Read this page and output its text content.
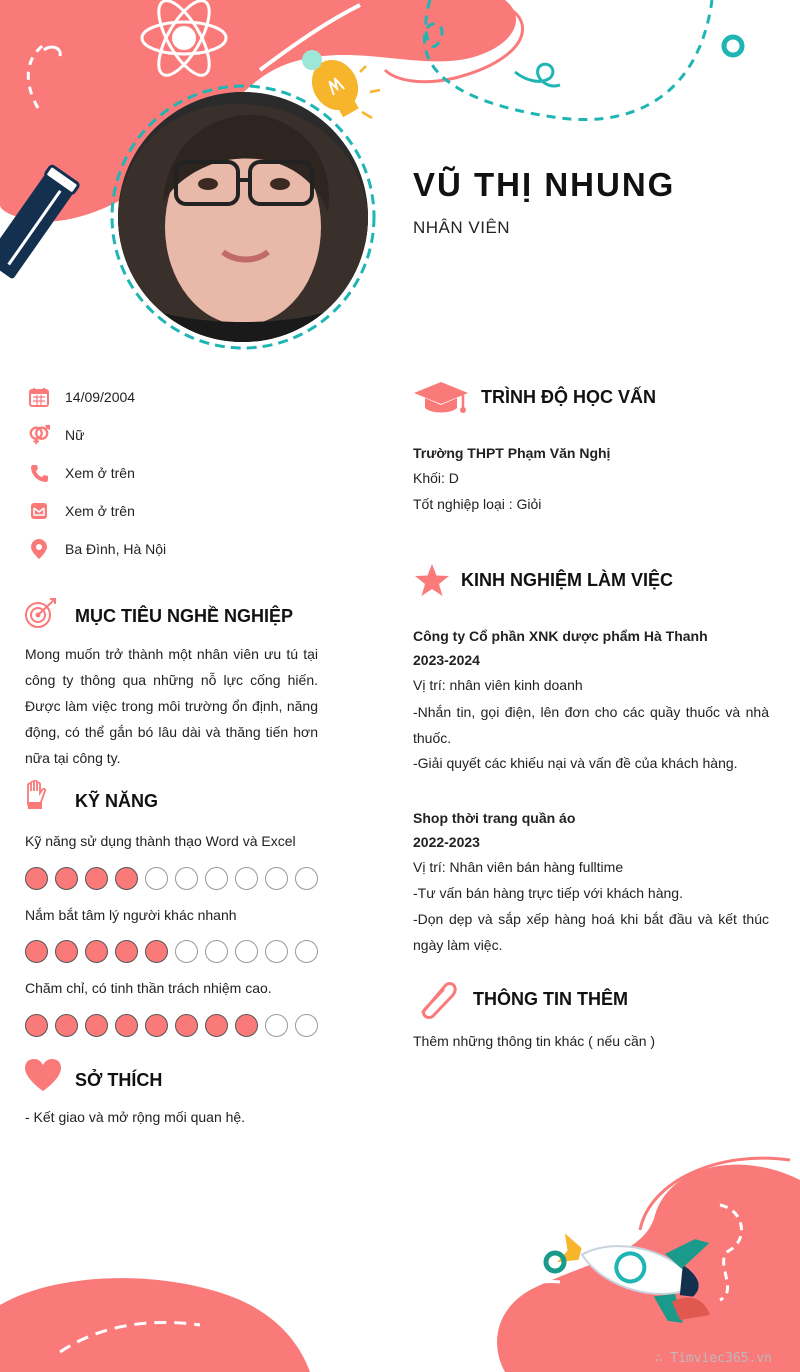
VŨ THỊ NHUNG
NHÂN VIÊN
14/09/2004
Nữ
Xem ở trên
Xem ở trên
Ba Đình, Hà Nội
MỤC TIÊU NGHỀ NGHIỆP
Mong muốn trở thành một nhân viên ưu tú tại công ty thông qua những nỗ lực cống hiến. Được làm việc trong môi trường ổn định, năng động, có thể gắn bó lâu dài và thăng tiến hơn nữa tại công ty.
KỸ NĂNG
Kỹ năng sử dụng thành thạo Word và Excel
Nắm bắt tâm lý người khác nhanh
Chăm chỉ, có tinh thần trách nhiệm cao.
SỞ THÍCH
- Kết giao và mở rộng mối quan hệ.
TRÌNH ĐỘ HỌC VẤN
Trường THPT Phạm Văn Nghị
Khối: D
Tốt nghiệp loại : Giỏi
KINH NGHIỆM LÀM VIỆC
Công ty Cổ phần XNK dược phẩm Hà Thanh
2023-2024
Vị trí: nhân viên kinh doanh
-Nhắn tin, gọi điện, lên đơn cho các quầy thuốc và nhà thuốc.
-Giải quyết các khiếu nại và vấn đề của khách hàng.
Shop thời trang quần áo
2022-2023
Vị trí: Nhân viên bán hàng fulltime
-Tư vấn bán hàng trực tiếp với khách hàng.
-Dọn dẹp và sắp xếp hàng hoá khi bắt đầu và kết thúc ngày làm việc.
THÔNG TIN THÊM
Thêm những thông tin khác ( nếu cần )
∴ Timviec365.vn
